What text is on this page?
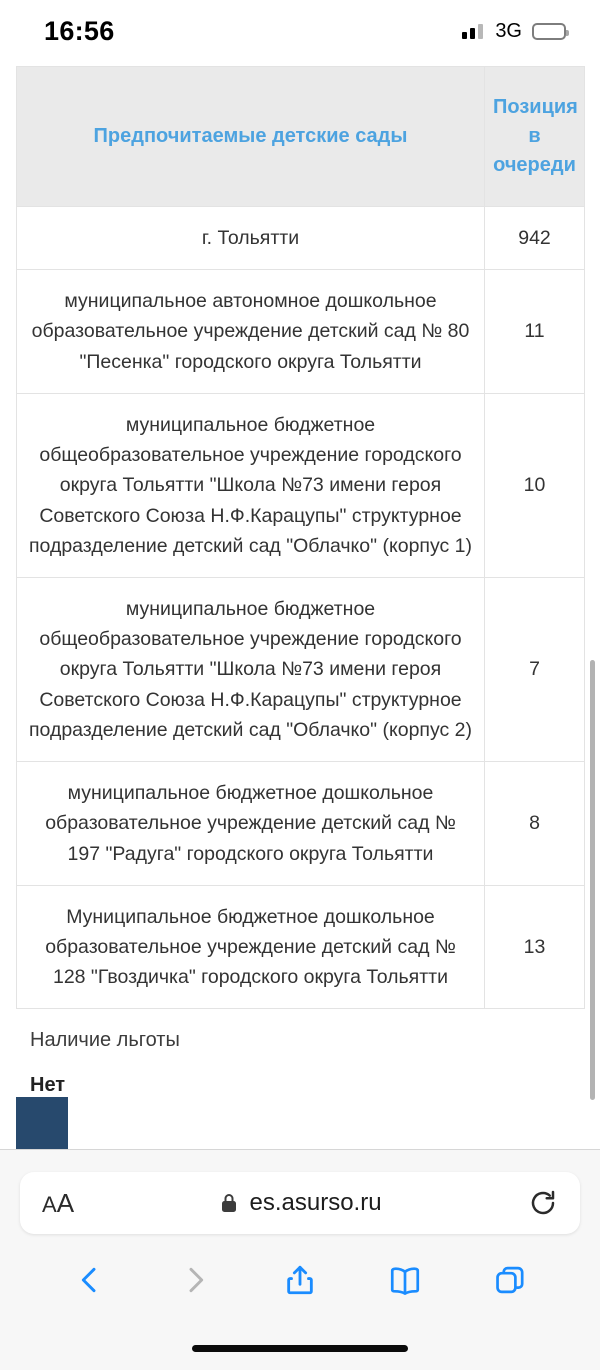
16:56	3G
Предпочитаемые детские сады	Позиция в очереди
г. Тольятти	942
муниципальное автономное дошкольное образовательное учреждение детский сад № 80 "Песенка" городского округа Тольятти	11
муниципальное бюджетное общеобразовательное учреждение городского округа Тольятти "Школа №73 имени героя Советского Союза Н.Ф.Карацупы" структурное подразделение детский сад "Облачко" (корпус 1)	10
муниципальное бюджетное общеобразовательное учреждение городского округа Тольятти "Школа №73 имени героя Советского Союза Н.Ф.Карацупы" структурное подразделение детский сад "Облачко" (корпус 2)	7
муниципальное бюджетное дошкольное образовательное учреждение детский сад № 197 "Радуга" городского округа Тольятти	8
Муниципальное бюджетное дошкольное образовательное учреждение детский сад № 128 "Гвоздичка" городского округа Тольятти	13
Наличие льготы
Нет
A A	es.asurso.ru
